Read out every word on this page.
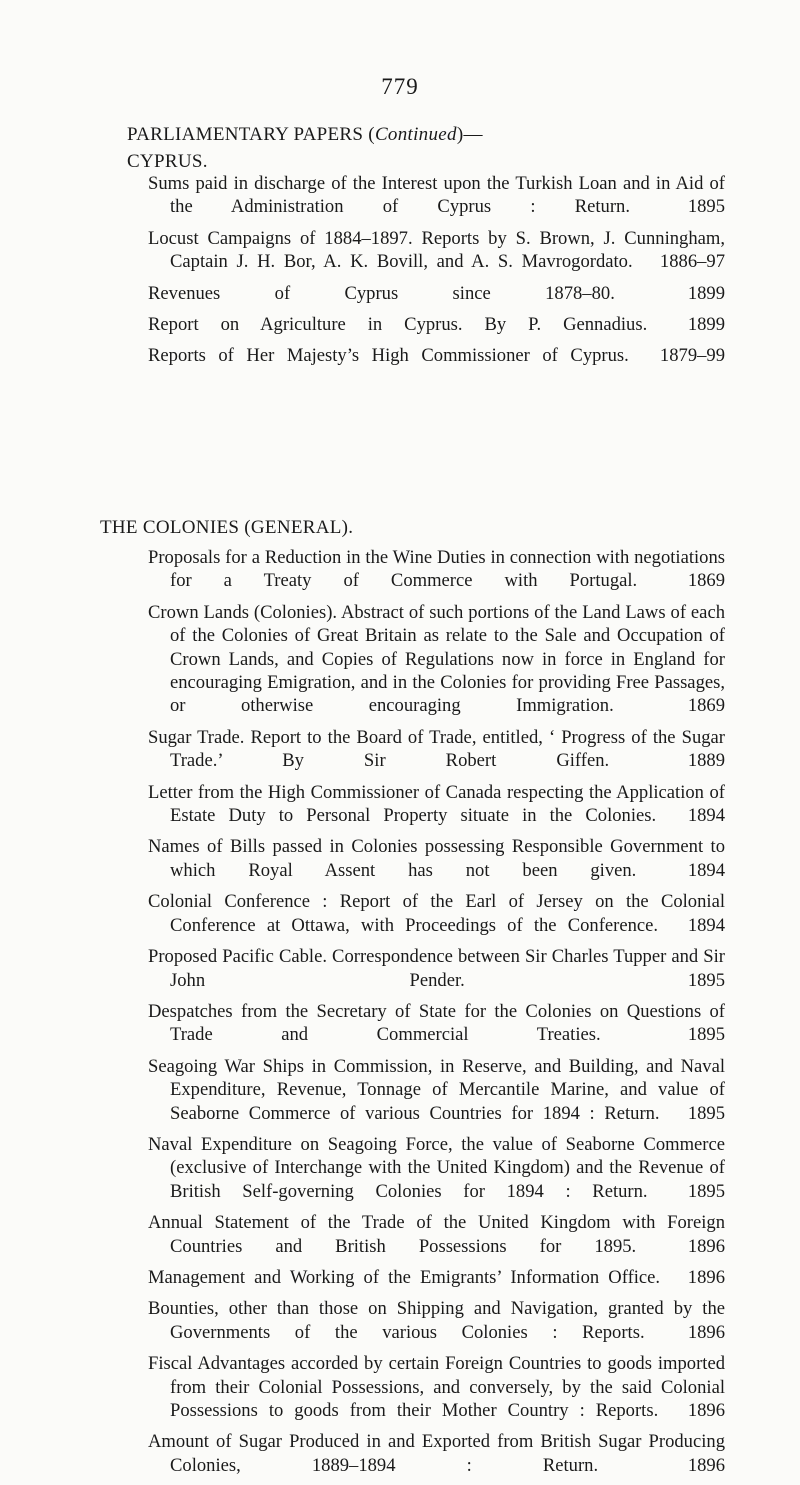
779
PARLIAMENTARY PAPERS (Continued)—
CYPRUS.
Sums paid in discharge of the Interest upon the Turkish Loan and in Aid of the Administration of Cyprus : Return.	1895
Locust Campaigns of 1884–1897. Reports by S. Brown, J. Cunningham, Captain J. H. Bor, A. K. Bovill, and A. S. Mavrogordato. 1886–97
Revenues of Cyprus since 1878–80.	1899
Report on Agriculture in Cyprus. By P. Gennadius. 1899
Reports of Her Majesty’s High Commissioner of Cyprus. 1879–99
THE COLONIES (GENERAL).
Proposals for a Reduction in the Wine Duties in connection with negotiations for a Treaty of Commerce with Portugal.	1869
Crown Lands (Colonies). Abstract of such portions of the Land Laws of each of the Colonies of Great Britain as relate to the Sale and Occupation of Crown Lands, and Copies of Regulations now in force in England for encouraging Emigration, and in the Colonies for providing Free Passages, or otherwise encouraging Immigration.	1869
Sugar Trade. Report to the Board of Trade, entitled, ‘ Progress of the Sugar Trade.’ By Sir Robert Giffen.	1889
Letter from the High Commissioner of Canada respecting the Application of Estate Duty to Personal Property situate in the Colonies. 1894
Names of Bills passed in Colonies possessing Responsible Government to which Royal Assent has not been given.	1894
Colonial Conference : Report of the Earl of Jersey on the Colonial Conference at Ottawa, with Proceedings of the Conference. 1894
Proposed Pacific Cable. Correspondence between Sir Charles Tupper and Sir John Pender.	1895
Despatches from the Secretary of State for the Colonies on Questions of Trade and Commercial Treaties.	1895
Seagoing War Ships in Commission, in Reserve, and Building, and Naval Expenditure, Revenue, Tonnage of Mercantile Marine, and value of Seaborne Commerce of various Countries for 1894 : Return. 1895
Naval Expenditure on Seagoing Force, the value of Seaborne Commerce (exclusive of Interchange with the United Kingdom) and the Revenue of British Self-governing Colonies for 1894 : Return. 1895
Annual Statement of the Trade of the United Kingdom with Foreign Countries and British Possessions for 1895.	1896
Management and Working of the Emigrants’ Information Office. 1896
Bounties, other than those on Shipping and Navigation, granted by the Governments of the various Colonies : Reports. 1896
Fiscal Advantages accorded by certain Foreign Countries to goods imported from their Colonial Possessions, and conversely, by the said Colonial Possessions to goods from their Mother Country : Reports. 1896
Amount of Sugar Produced in and Exported from British Sugar Producing Colonies, 1889–1894 : Return.	1896
